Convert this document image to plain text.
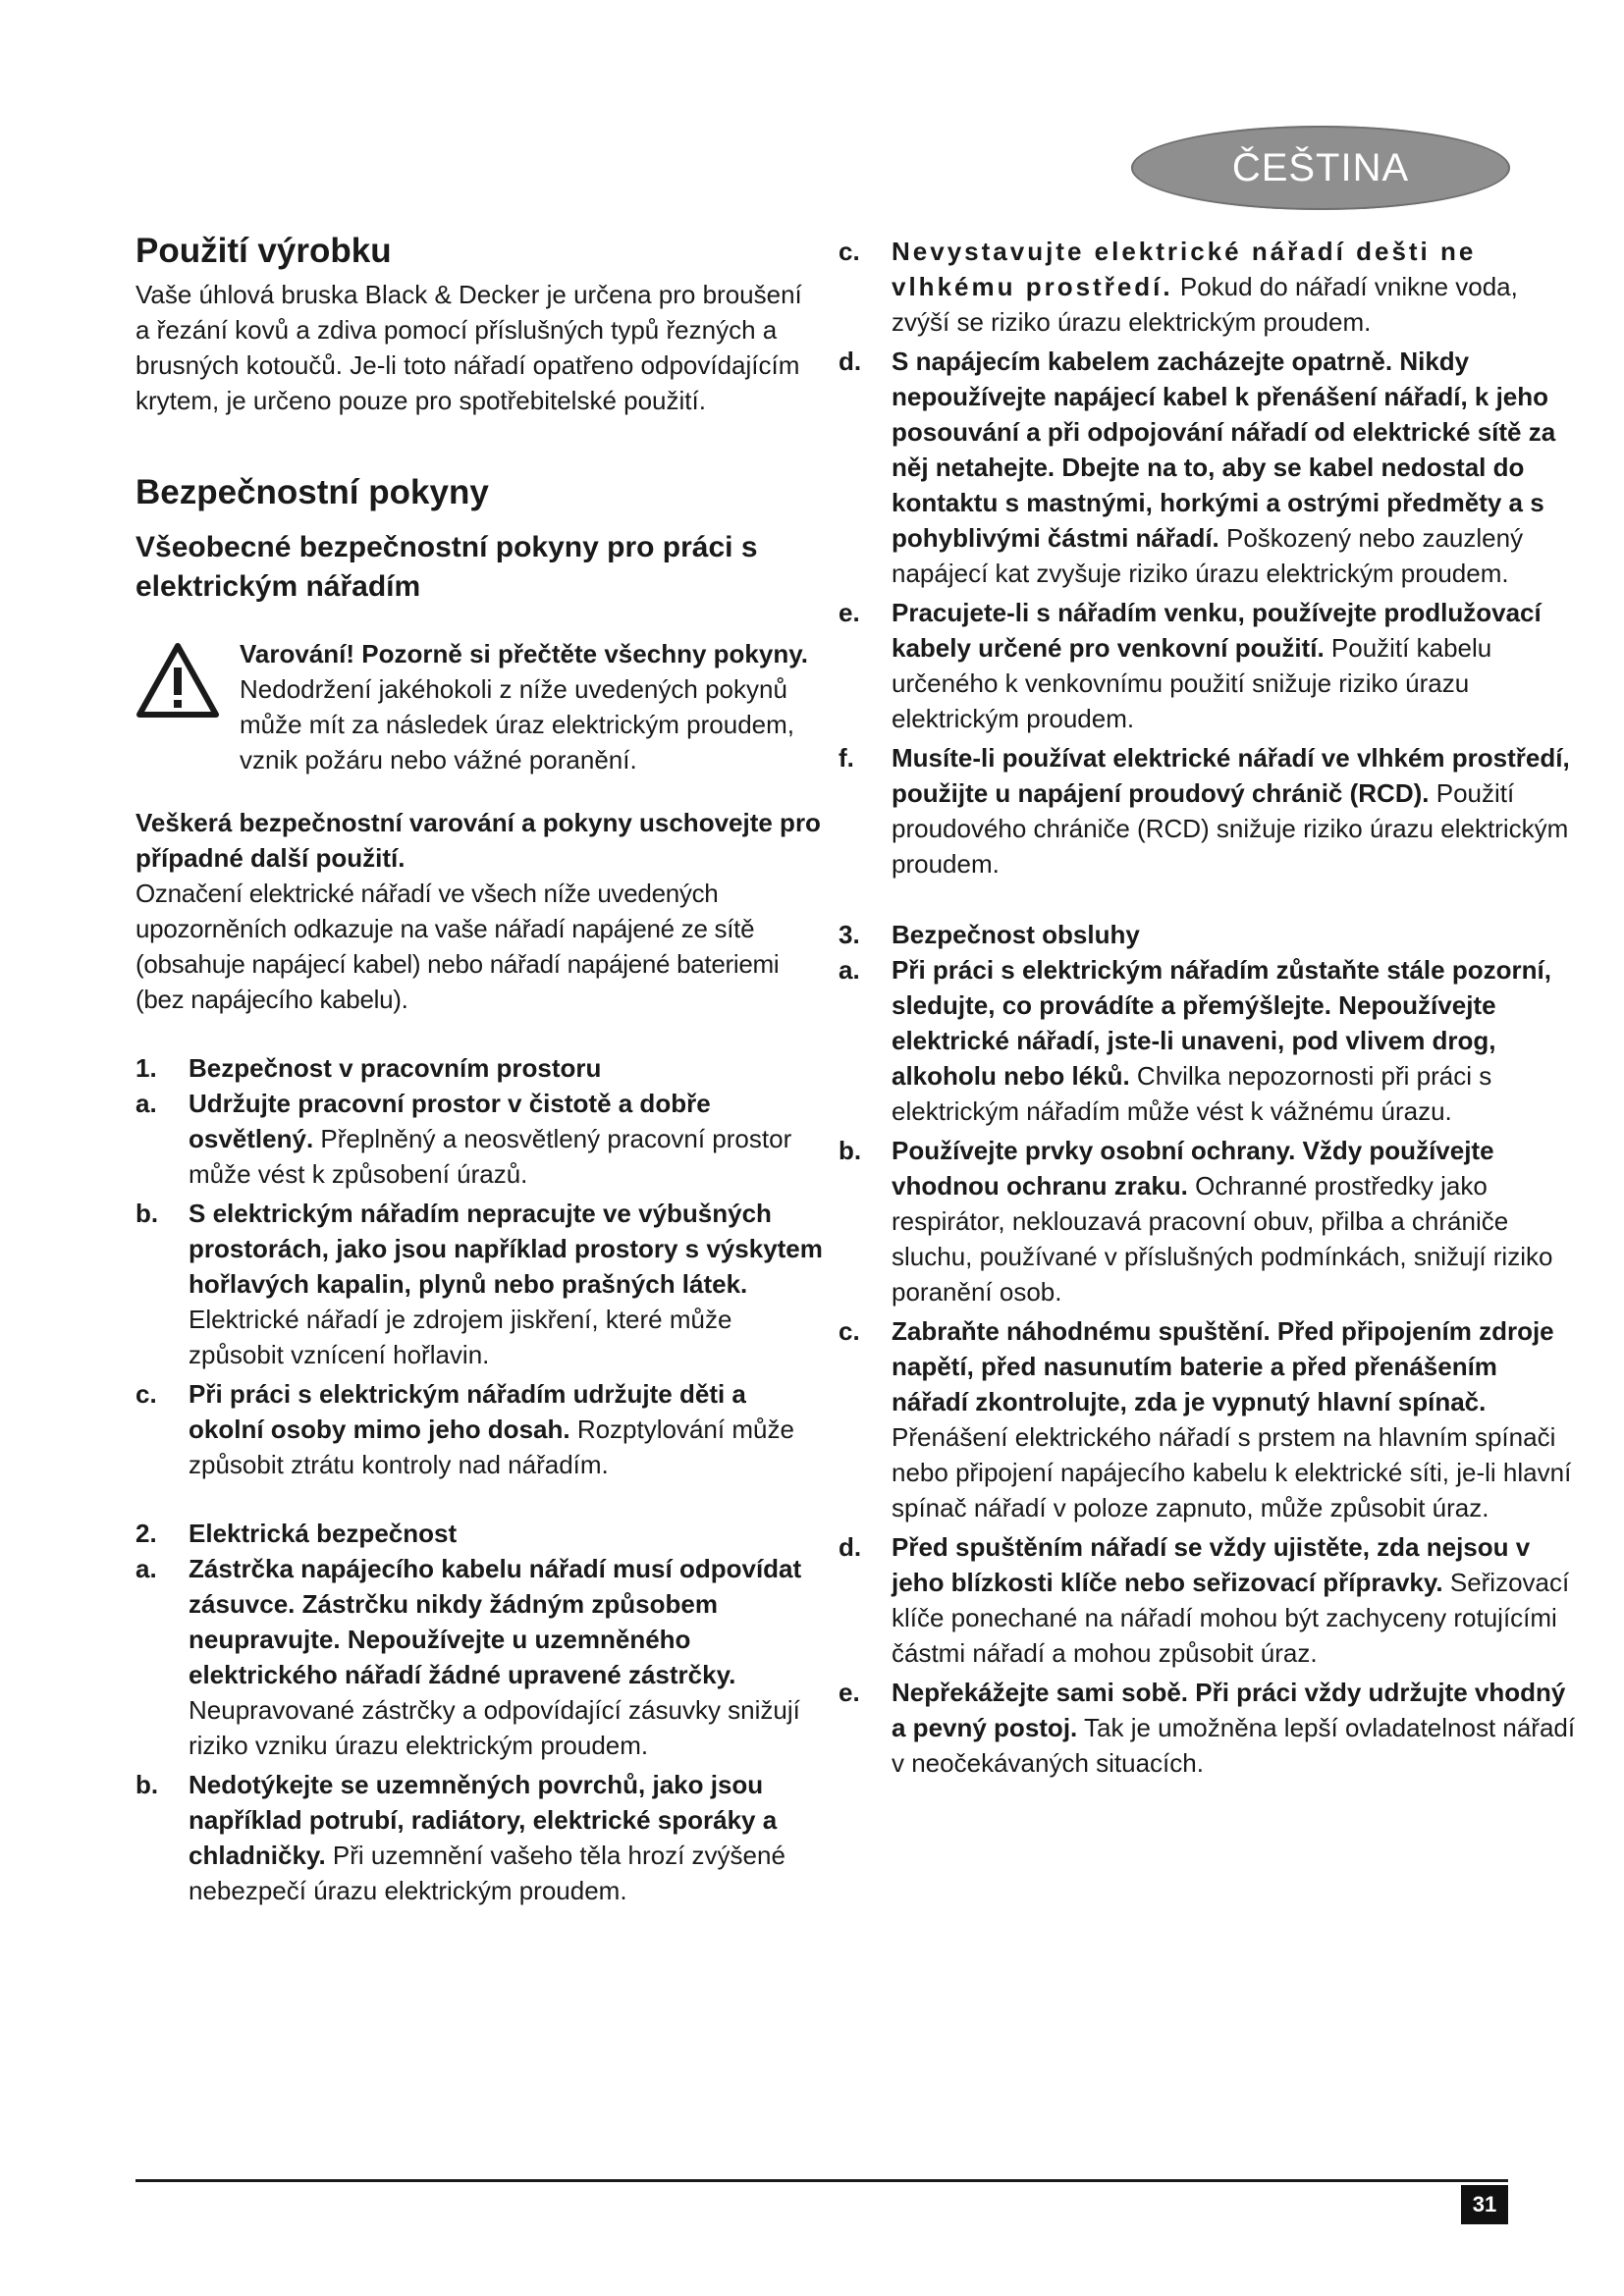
ČEŠTINA
Použití výrobku

Vaše úhlová bruska Black & Decker je určena pro broušení a řezání kovů a zdiva pomocí příslušných typů řezných a brusných kotoučů. Je-li toto nářadí opatřeno odpovídajícím krytem, je určeno pouze pro spotřebitelské použití.

Bezpečnostní pokyny
Všeobecné bezpečnostní pokyny pro práci s elektrickým nářadím

Varování! Pozorně si přečtěte všechny pokyny. Nedodržení jakéhokoli z níže uvedených pokynů může mít za následek úraz elektrickým proudem, vznik požáru nebo vážné poranění.

Veškerá bezpečnostní varování a pokyny uschovejte pro případné další použití.

Označení elektrické nářadí ve všech níže uvedených upozorněních odkazuje na vaše nářadí napájené ze sítě (obsahuje napájecí kabel) nebo nářadí napájené bateriemi (bez napájecího kabelu).

1. Bezpečnost v pracovním prostoru
a. Udržujte pracovní prostor v čistotě a dobře osvětlený. Přeplněný a neosvětlený pracovní prostor může vést k způsobení úrazů.
b. S elektrickým nářadím nepracujte ve výbušných prostorách, jako jsou například prostory s výskytem hořlavých kapalin, plynů nebo prašných látek. Elektrické nářadí je zdrojem jiskření, které může způsobit vznícení hořlavin.
c. Při práci s elektrickým nářadím udržujte děti a okolní osoby mimo jeho dosah. Rozptylování může způsobit ztrátu kontroly nad nářadím.
2. Elektrická bezpečnost
a. Zástrčka napájecího kabelu nářadí musí odpovídat zásuvce. Zástrčku nikdy žádným způsobem neupravujte. Nepoužívejte u uzemněného elektrického nářadí žádné upravené zástrčky. Neupravované zástrčky a odpovídající zásuvky snižují riziko vzniku úrazu elektrickým proudem.
b. Nedotýkejte se uzemněných povrchů, jako jsou například potrubí, radiátory, elektrické sporáky a chladničky. Při uzemnění vašeho těla hrozí zvýšené nebezpečí úrazu elektrickým proudem.
c. Nevystavujte elektrické nářadí dešti ne vlhkému prostředí. Pokud do nářadí vnikne voda, zvýší se riziko úrazu elektrickým proudem.
d. S napájecím kabelem zacházejte opatrně. Nikdy nepoužívejte napájecí kabel k přenášení nářadí, k jeho posouvání a při odpojování nářadí od elektrické sítě za něj netahejte. Dbejte na to, aby se kabel nedostal do kontaktu s mastnými, horkými a ostrými předměty a s pohyblivými částmi nářadí. Poškozený nebo zauzlený napájecí kat zvyšuje riziko úrazu elektrickým proudem.
e. Pracujete-li s nářadím venku, používejte prodlužovací kabely určené pro venkovní použití. Použití kabelu určeného k venkovnímu použití snižuje riziko úrazu elektrickým proudem.
f. Musíte-li používat elektrické nářadí ve vlhkém prostředí, použijte u napájení proudový chránič (RCD). Použití proudového chrániče (RCD) snižuje riziko úrazu elektrickým proudem.
3. Bezpečnost obsluhy
a. Při práci s elektrickým nářadím zůstaňte stále pozorní, sledujte, co provádíte a přemýšlejte. Nepoužívejte elektrické nářadí, jste-li unaveni, pod vlivem drog, alkoholu nebo léků. Chvilka nepozornosti při práci s elektrickým nářadím může vést k vážnému úrazu.
b. Používejte prvky osobní ochrany. Vždy používejte vhodnou ochranu zraku. Ochranné prostředky jako respirátor, neklouzavá pracovní obuv, přilba a chrániče sluchu, používané v příslušných podmínkách, snižují riziko poranění osob.
c. Zabraňte náhodnému spuštění. Před připojením zdroje napětí, před nasunutím baterie a před přenášením nářadí zkontrolujte, zda je vypnutý hlavní spínač. Přenášení elektrického nářadí s prstem na hlavním spínači nebo připojení napájecího kabelu k elektrické síti, je-li hlavní spínač nářadí v poloze zapnuto, může způsobit úraz.
d. Před spuštěním nářadí se vždy ujistěte, zda nejsou v jeho blízkosti klíče nebo seřizovací přípravky. Seřizovací klíče ponechané na nářadí mohou být zachyceny rotujícími částmi nářadí a mohou způsobit úraz.
e. Nepřekážejte sami sobě. Při práci vždy udržujte vhodný a pevný postoj. Tak je umožněna lepší ovladatelnost nářadí v neočekávaných situacích.
31
